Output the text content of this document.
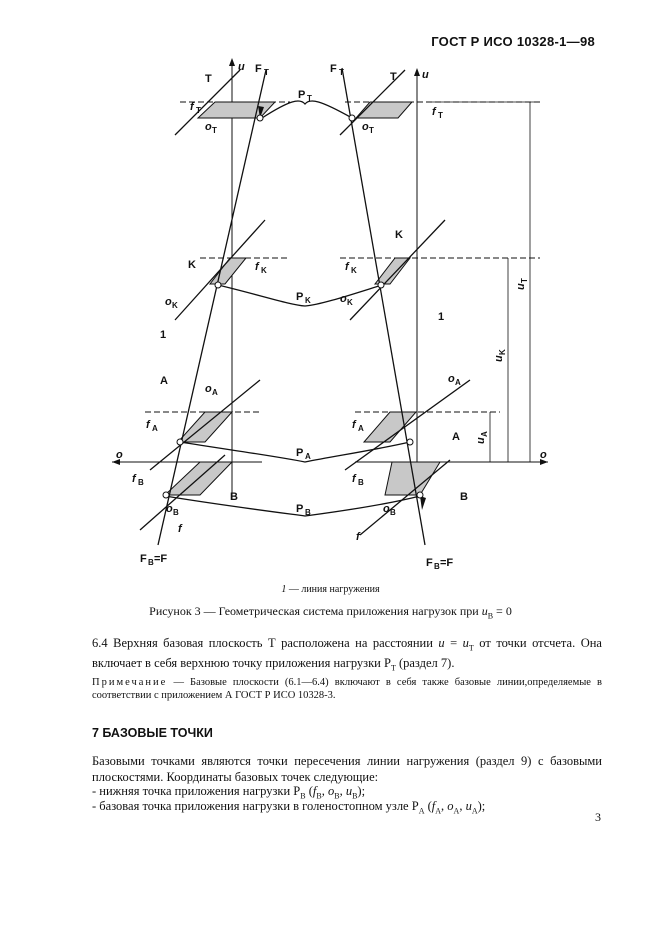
ГОСТ Р ИСО 10328-1—98
u
u
F T	F T
T	T
P T
f T
o T
f T
o T
K
K
f K	f K
o K
o K
P K
1
1
A
A
o A
o A
f A	f A
P A
o	o
f B	f B
B	B
o B	o B
P B
f
f
F B =F	F B =F
u
T
u
K
u
A
1 — линия нагружения
Рисунок 3 — Геометрическая система приложения нагрузок при $u_B = 0$

6.4 Верхняя базовая плоскость Т расположена на расстоянии $u = u_T$ от точки отсчета. Она включает в себя верхнюю точку приложения нагрузки $P_T$ (раздел 7).

Примечание — Базовые плоскости (6.1—6.4) включают в себя также базовые линии,определяемые в соответствии с приложением А ГОСТ Р ИСО 10328-3.

7 БАЗОВЫЕ ТОЧКИ

Базовыми точками являются точки пересечения линии нагружения (раздел 9) с базовыми плоскостями. Координаты базовых точек следующие:

- нижняя точка приложения нагрузки $P_B$ ($f_B$, $o_B$, $u_B$);
- базовая точка приложения нагрузки в голеностопном узле $P_A$ ($f_A$, $o_A$, $u_A$);
3
